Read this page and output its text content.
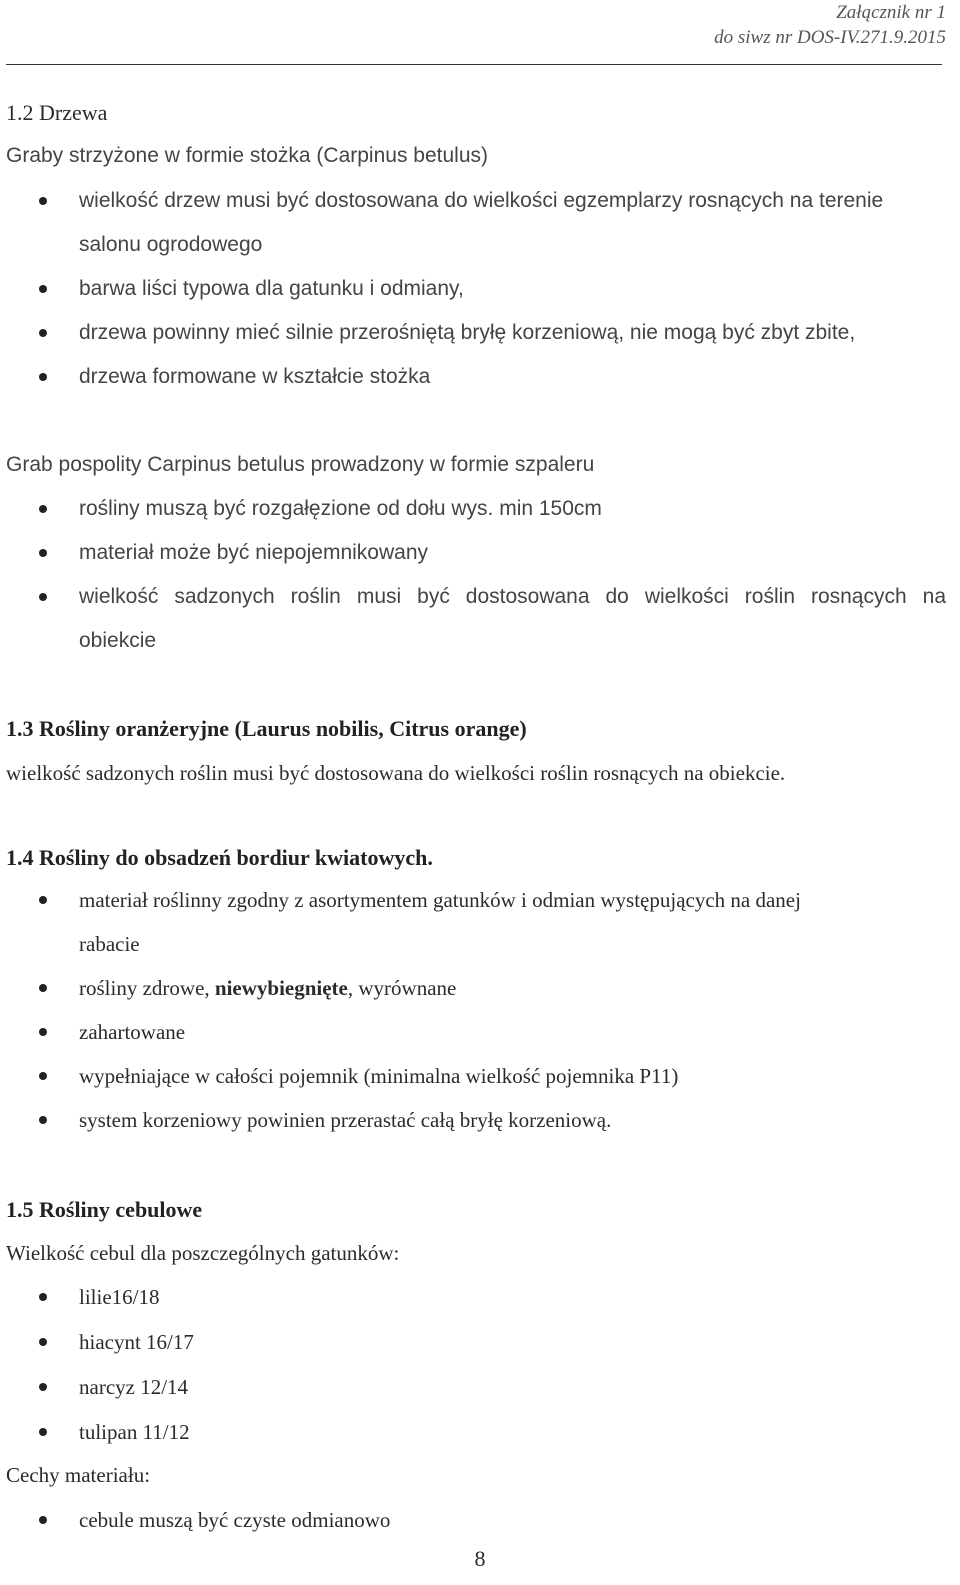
Załącznik nr 1
do siwz nr DOS-IV.271.9.2015
1.2 Drzewa
Graby strzyżone w formie stożka (Carpinus betulus)
wielkość drzew musi być dostosowana do wielkości egzemplarzy rosnących na terenie
salonu ogrodowego
barwa liści typowa dla gatunku i odmiany,
drzewa powinny mieć silnie przerośniętą bryłę korzeniową, nie mogą być zbyt zbite,
drzewa formowane w kształcie stożka
Grab pospolity Carpinus betulus prowadzony w formie szpaleru
rośliny muszą być rozgałęzione od dołu wys. min 150cm
materiał może być niepojemnikowany
wielkość sadzonych roślin musi być dostosowana do wielkości roślin rosnących na
obiekcie
1.3 Rośliny oranżeryjne (Laurus nobilis, Citrus orange)
wielkość sadzonych roślin musi być dostosowana do wielkości roślin rosnących na obiekcie.
1.4 Rośliny do obsadzeń bordiur kwiatowych.
materiał roślinny zgodny z asortymentem gatunków i odmian występujących na danej
rabacie
rośliny zdrowe, niewybiegnięte, wyrównane
zahartowane
wypełniające w całości pojemnik (minimalna wielkość pojemnika P11)
system korzeniowy powinien przerastać całą bryłę korzeniową.
1.5 Rośliny cebulowe
Wielkość cebul dla poszczególnych gatunków:
lilie16/18
hiacynt 16/17
narcyz 12/14
tulipan 11/12
Cechy materiału:
cebule muszą być czyste odmianowo
8
